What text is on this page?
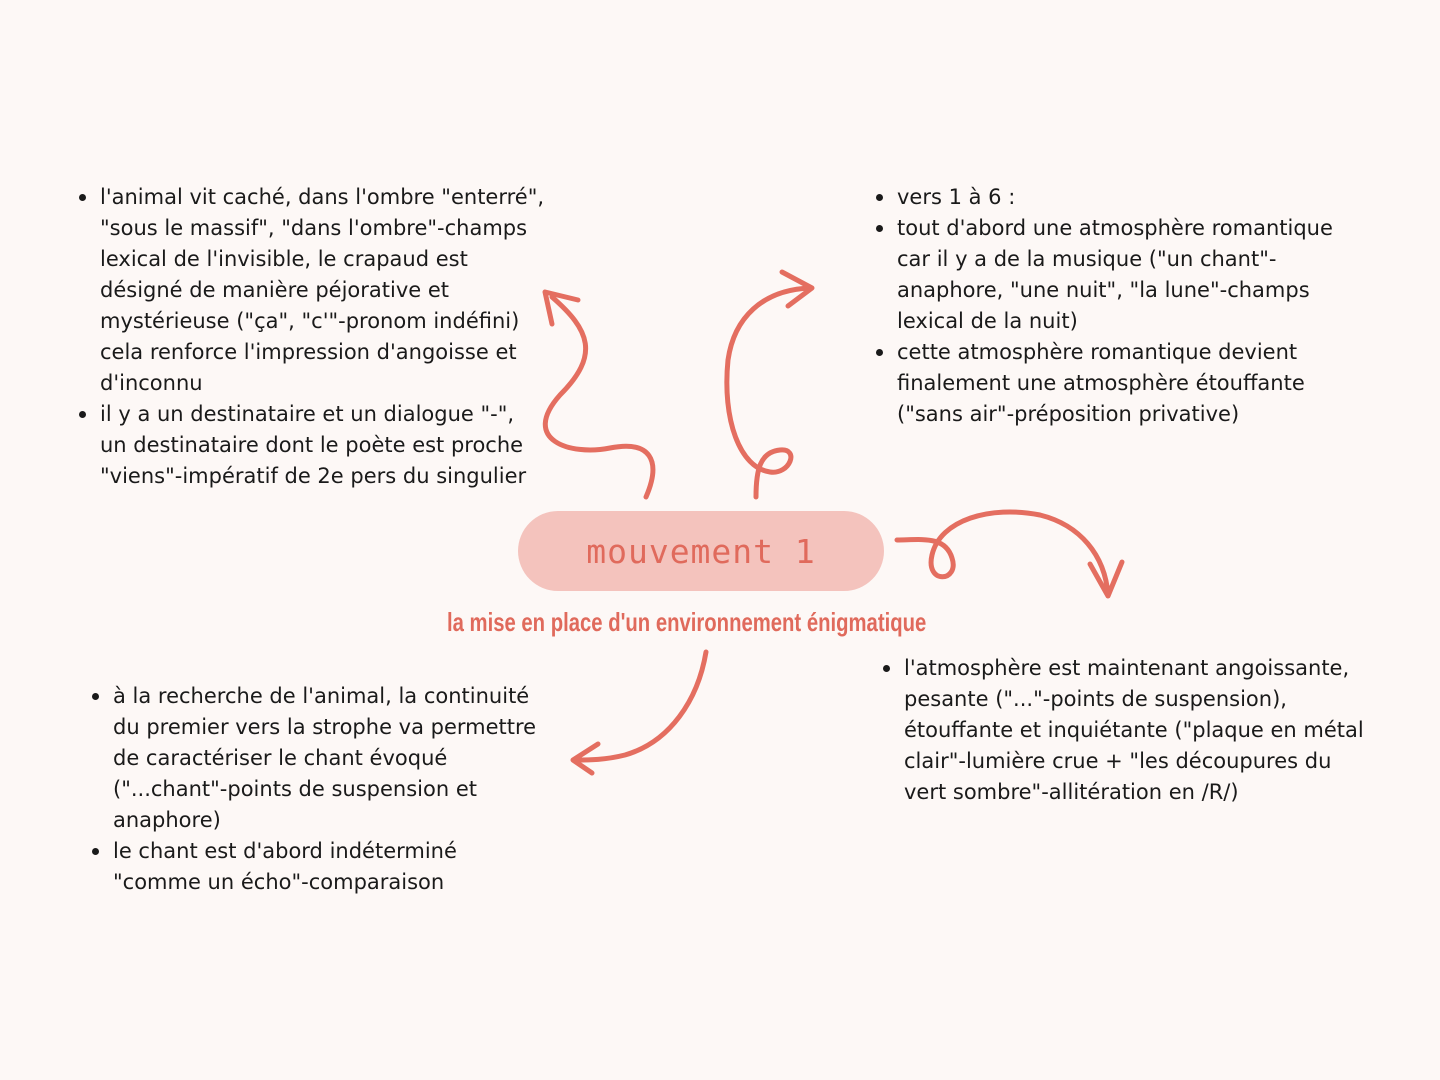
l'animal vit caché, dans l'ombre "enterré", "sous le massif", "dans l'ombre"-champs lexical de l'invisible, le crapaud est désigné de manière péjorative et mystérieuse ("ça", "c'"-pronom indéfini) cela renforce l'impression d'angoisse et d'inconnu
il y a un destinataire et un dialogue "-", un destinataire dont le poète est proche "viens"-impératif de 2e pers du singulier
vers 1 à 6 :
tout d'abord une atmosphère romantique car il y a de la musique ("un chant"-anaphore, "une nuit", "la lune"-champs lexical de la nuit)
cette atmosphère romantique devient finalement une atmosphère étouffante ("sans air"-préposition privative)
mouvement 1
la mise en place d'un environnement énigmatique
à la recherche de l'animal, la continuité du premier vers la strophe va permettre de caractériser le chant évoqué ("...chant"-points de suspension et anaphore)
le chant est d'abord indéterminé "comme un écho"-comparaison
l'atmosphère est maintenant angoissante, pesante ("..."-points de suspension), étouffante et inquiétante ("plaque en métal clair"-lumière crue + "les découpures du vert sombre"-allitération en /R/)
